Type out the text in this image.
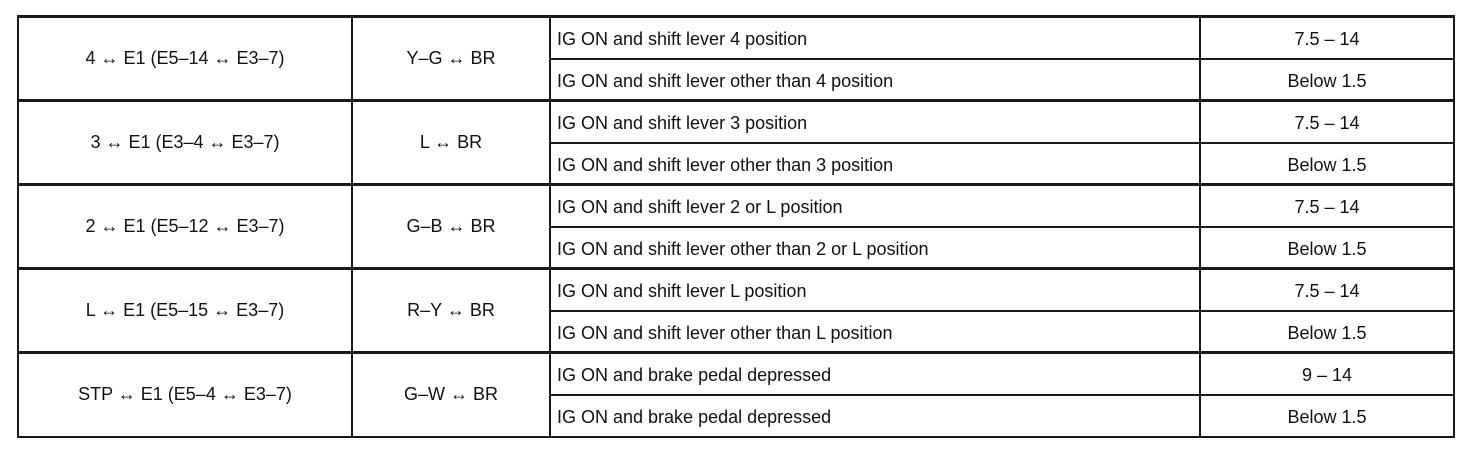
4 ↔ E1 (E5–14 ↔ E3–7)	Y–G ↔ BR	IG ON and shift lever 4 position	7.5 – 14
		IG ON and shift lever other than 4 position	Below 1.5
3 ↔ E1 (E3–4 ↔ E3–7)	L ↔ BR	IG ON and shift lever 3 position	7.5 – 14
		IG ON and shift lever other than 3 position	Below 1.5
2 ↔ E1 (E5–12 ↔ E3–7)	G–B ↔ BR	IG ON and shift lever 2 or L position	7.5 – 14
		IG ON and shift lever other than 2 or L position	Below 1.5
L ↔ E1 (E5–15 ↔ E3–7)	R–Y ↔ BR	IG ON and shift lever L position	7.5 – 14
		IG ON and shift lever other than L position	Below 1.5
STP ↔ E1 (E5–4 ↔ E3–7)	G–W ↔ BR	IG ON and brake pedal depressed	9 – 14
		IG ON and brake pedal depressed	Below 1.5
